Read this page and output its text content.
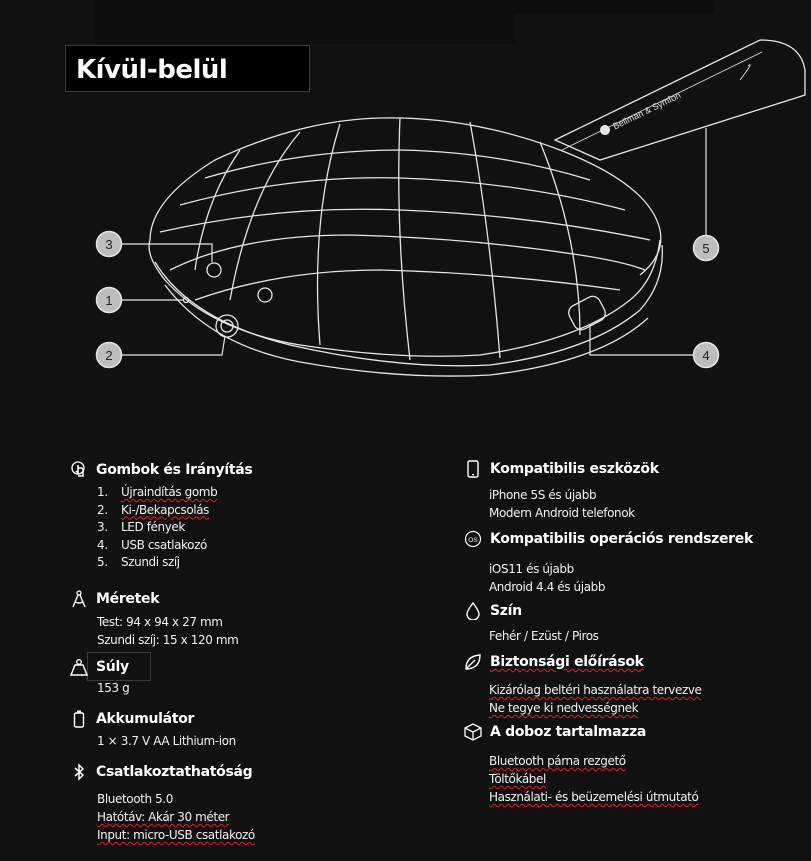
Kívül-belül
Bellman & Symfon
3
1
2
5
4
Gombok és Irányítás
1.	Újraindítás gomb
2.	Ki-/Bekapcsolás
3.	LED fények
4.	USB csatlakozó
5.	Szundi szíj
Méretek
Test: 94 x 94 x 27 mm
Szundi szíj: 15 x 120 mm
Súly
153 g
Akkumulátor
1 × 3.7 V AA Lithium-ion
Csatlakoztathatóság
Bluetooth 5.0
Hatótáv: Akár 30 méter
Input: micro-USB csatlakozó
Kompatibilis eszközök
iPhone 5S és újabb
Modern Android telefonok
OS Kompatibilis operációs rendszerek
iOS11 és újabb
Android 4.4 és újabb
Szín
Fehér / Ezüst / Piros
Biztonsági előírások
Kizárólag beltéri használatra tervezve
Ne tegye ki nedvességnek
A doboz tartalmazza
Bluetooth párna rezgető
Töltőkábel
Használati- és beüzemelési útmutató
